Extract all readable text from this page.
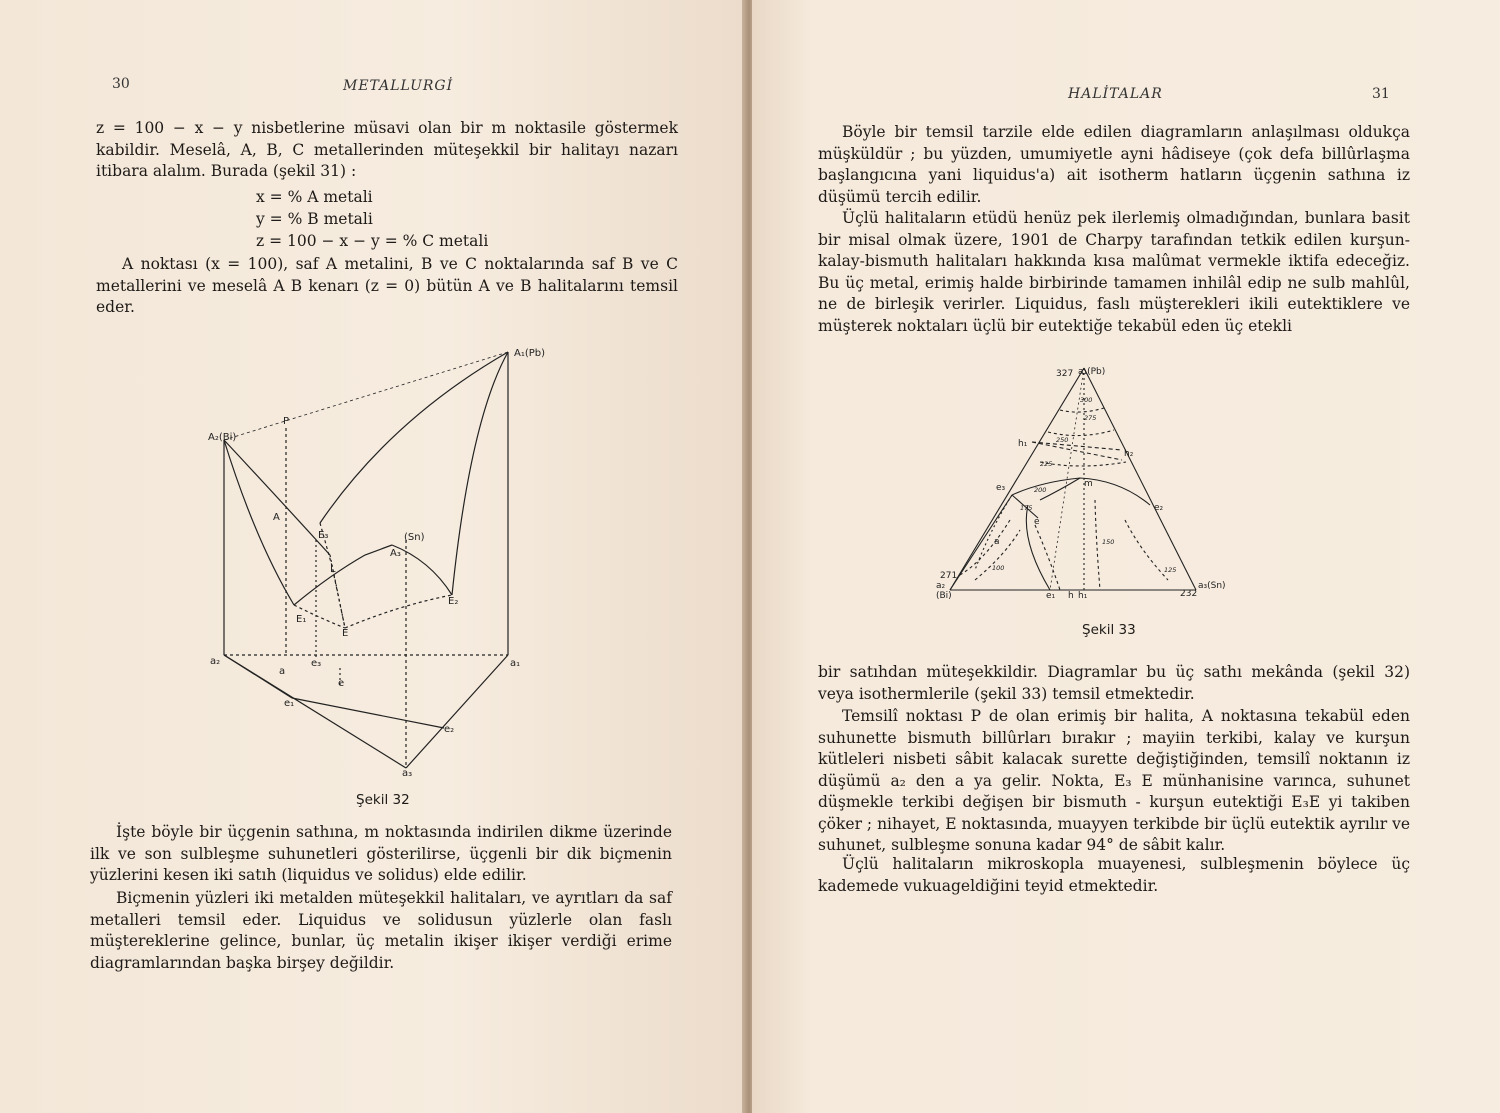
30	METALLURGİ

z = 100 − x − y nisbetlerine müsavi olan bir m noktasile göstermek kabildir. Meselâ, A, B, C metallerinden müteşekkil bir halitayı nazarı itibara alalım. Burada (şekil 31) :

x = % A metali
y = % B metali
z = 100 − x − y = % C metali

A noktası (x = 100), saf A metalini, B ve C noktalarında saf B ve C metallerini ve meselâ A B kenarı (z = 0) bütün A ve B halitalarını temsil eder.

A₁(Pb)
A₂(Bi)
P
A
E₃	(Sn)
A₃
L
E₁
E
E₂
a₂
a
e₃	a₁
e
e₁
e₂
a₃
Şekil 32

İşte böyle bir üçgenin sathına, m noktasında indirilen dikme üzerinde ilk ve son sulbleşme suhunetleri gösterilirse, üçgenli bir dik biçmenin yüzlerini kesen iki satıh (liquidus ve solidus) elde edilir.

Biçmenin yüzleri iki metalden müteşekkil halitaları, ve ayrıtları da saf metalleri temsil eder. Liquidus ve solidusun yüzlerle olan faslı müştereklerine gelince, bunlar, üç metalin ikişer ikişer verdiği erime diagramlarından başka birşey değildir.

HALİTALAR	31

Böyle bir temsil tarzile elde edilen diagramların anlaşılması oldukça müşküldür ; bu yüzden, umumiyetle ayni hâdiseye (çok defa billûrlaşma başlangıcına yani liquidus'a) ait isotherm hatların üçgenin sathına iz düşümü tercih edilir.

Üçlü halitaların etüdü henüz pek ilerlemiş olmadığından, bunlara basit bir misal olmak üzere, 1901 de Charpy tarafından tetkik edilen kurşun-kalay-bismuth halitaları hakkında kısa malûmat vermekle iktifa edeceğiz. Bu üç metal, erimiş halde birbirinde tamamen inhilâl edip ne sulb mahlûl, ne de birleşik verirler. Liquidus, faslı müşterekleri ikili eutektiklere ve müşterek noktaları üçlü bir eutektiğe tekabül eden üç etekli

327 a₁(Pb)
h₁
h₂
m
e₃
e₂
e
a
271
a₂
(Bi)	e₁ h h₁
a₃(Sn)
232
300
275
250
225
200
175
150
125
100
Şekil 33

bir satıhdan müteşekkildir. Diagramlar bu üç sathı mekânda (şekil 32) veya isothermlerile (şekil 33) temsil etmektedir.

Temsilî noktası P de olan erimiş bir halita, A noktasına tekabül eden suhunette bismuth billûrları bırakır ; mayiin terkibi, kalay ve kurşun kütleleri nisbeti sâbit kalacak surette değiştiğinden, temsilî noktanın iz düşümü a₂ den a ya gelir. Nokta, E₃ E münhanisine varınca, suhunet düşmekle terkibi değişen bir bismuth - kurşun eutektiği E₃E yi takiben çöker ; nihayet, E noktasında, muayyen terkibde bir üçlü eutektik ayrılır ve suhunet, sulbleşme sonuna kadar 94° de sâbit kalır.

Üçlü halitaların mikroskopla muayenesi, sulbleşmenin böylece üç kademede vukuageldiğini teyid etmektedir.
